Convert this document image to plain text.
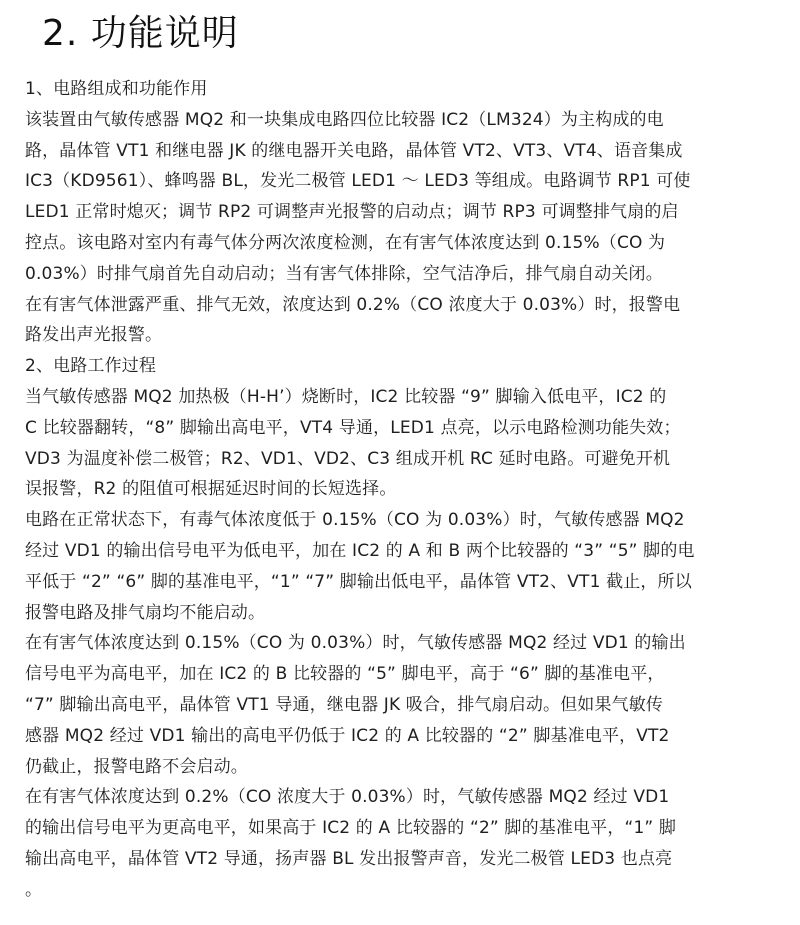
2. 功能说明
1、电路组成和功能作用
该装置由气敏传感器 MQ2 和一块集成电路四位比较器 IC2（LM324）为主构成的电
路，晶体管 VT1 和继电器 JK 的继电器开关电路，晶体管 VT2、VT3、VT4、语音集成
IC3（KD9561）、蜂鸣器 BL，发光二极管 LED1 ～ LED3 等组成。电路调节 RP1 可使
LED1 正常时熄灭；调节 RP2 可调整声光报警的启动点；调节 RP3 可调整排气扇的启
控点。该电路对室内有毒气体分两次浓度检测，在有害气体浓度达到 0.15%（CO 为
0.03%）时排气扇首先自动启动；当有害气体排除，空气洁净后，排气扇自动关闭。
在有害气体泄露严重、排气无效，浓度达到 0.2%（CO 浓度大于 0.03%）时，报警电
路发出声光报警。
2、电路工作过程
当气敏传感器 MQ2 加热极（H-H’）烧断时，IC2 比较器 “9” 脚输入低电平，IC2 的
C 比较器翻转，“8” 脚输出高电平，VT4 导通，LED1 点亮，以示电路检测功能失效；
VD3 为温度补偿二极管；R2、VD1、VD2、C3 组成开机 RC 延时电路。可避免开机
误报警，R2 的阻值可根据延迟时间的长短选择。
电路在正常状态下，有毒气体浓度低于 0.15%（CO 为 0.03%）时，气敏传感器 MQ2
经过 VD1 的输出信号电平为低电平，加在 IC2 的 A 和 B 两个比较器的 “3” “5” 脚的电
平低于 “2” “6” 脚的基准电平，“1” “7” 脚输出低电平，晶体管 VT2、VT1 截止，所以
报警电路及排气扇均不能启动。
在有害气体浓度达到 0.15%（CO 为 0.03%）时，气敏传感器 MQ2 经过 VD1 的输出
信号电平为高电平，加在 IC2 的 B 比较器的 “5” 脚电平，高于 “6” 脚的基准电平，
“7” 脚输出高电平，晶体管 VT1 导通，继电器 JK 吸合，排气扇启动。但如果气敏传
感器 MQ2 经过 VD1 输出的高电平仍低于 IC2 的 A 比较器的 “2” 脚基准电平，VT2
仍截止，报警电路不会启动。
在有害气体浓度达到 0.2%（CO 浓度大于 0.03%）时，气敏传感器 MQ2 经过 VD1
的输出信号电平为更高电平，如果高于 IC2 的 A 比较器的 “2” 脚的基准电平，“1” 脚
输出高电平，晶体管 VT2 导通，扬声器 BL 发出报警声音，发光二极管 LED3 也点亮
。
